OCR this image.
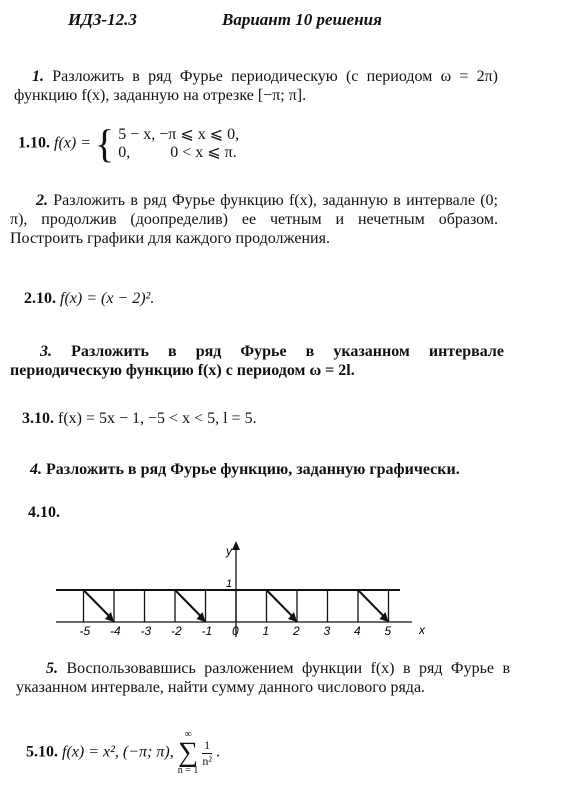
ИДЗ-12.3	Вариант 10 решения
1. Разложить в ряд Фурье периодическую (с периодом ω = 2π) функцию f(x), заданную на отрезке [−π; π].
1.10. f(x) = { 5 − x, −π ⩽ x ⩽ 0,
0,          0 < x ⩽ π.
2. Разложить в ряд Фурье функцию f(x), заданную в интервале (0; π), продолжив (доопределив) ее четным и нечетным образом. Построить графики для каждого продолжения.
2.10. f(x) = (x − 2)².
3. Разложить в ряд Фурье в указанном интервале периодическую функцию f(x) с периодом ω = 2l.
3.10. f(x) = 5x − 1, −5 < x < 5, l = 5.
4. Разложить в ряд Фурье функцию, заданную графически.
4.10.
-5 -4 -3 -2 -1 0 1 2 3 4 5
y
x
1
5. Воспользовавшись разложением функции f(x) в ряд Фурье в указанном интервале, найти сумму данного числового ряда.
5.10. f(x) = x², (−π; π),
∞
∑
n = 1

$\frac{1}{\text{n²}}$ .
